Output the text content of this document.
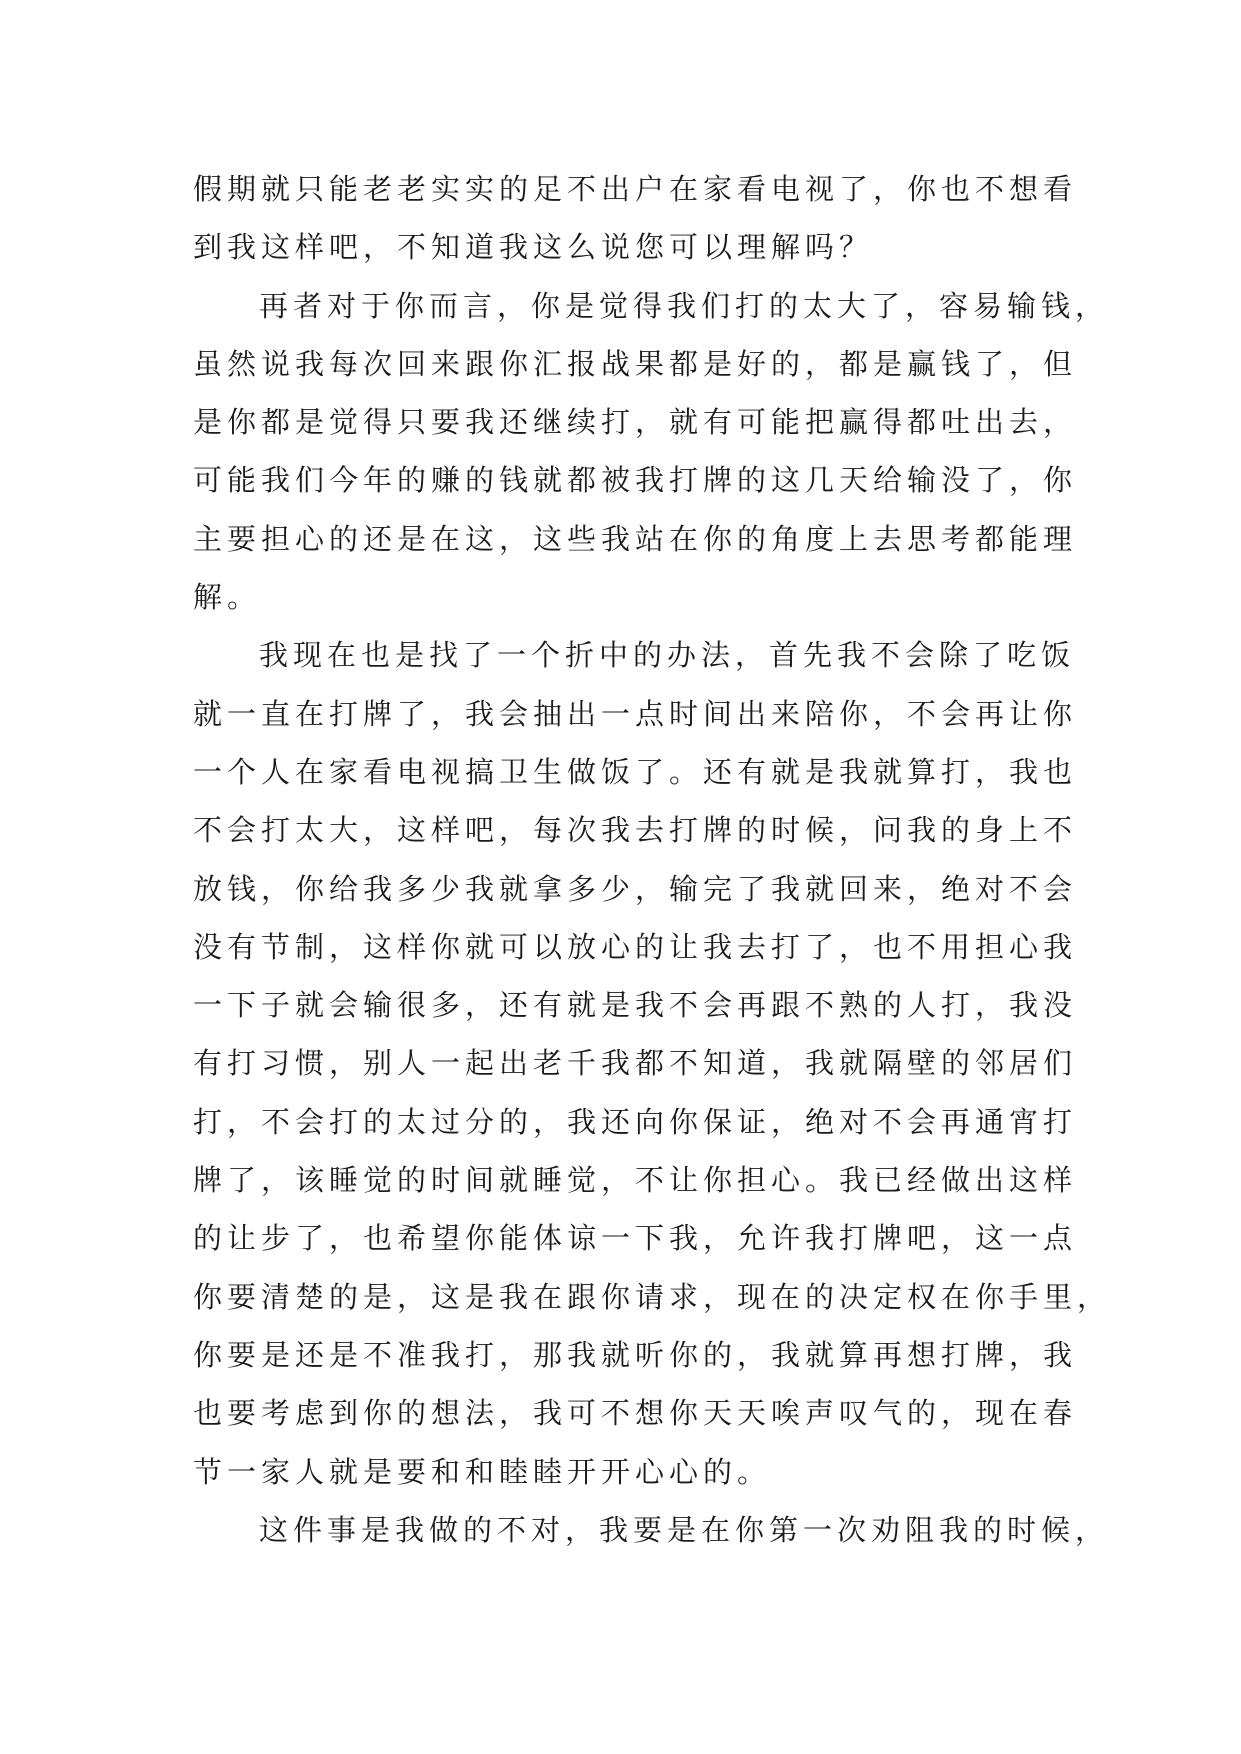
假期就只能老老实实的足不出户在家看电视了，你也不想看
到我这样吧，不知道我这么说您可以理解吗？
再者对于你而言，你是觉得我们打的太大了，容易输钱，
虽然说我每次回来跟你汇报战果都是好的，都是赢钱了，但
是你都是觉得只要我还继续打，就有可能把赢得都吐出去，
可能我们今年的赚的钱就都被我打牌的这几天给输没了，你
主要担心的还是在这，这些我站在你的角度上去思考都能理
解。
我现在也是找了一个折中的办法，首先我不会除了吃饭
就一直在打牌了，我会抽出一点时间出来陪你，不会再让你
一个人在家看电视搞卫生做饭了。还有就是我就算打，我也
不会打太大，这样吧，每次我去打牌的时候，问我的身上不
放钱，你给我多少我就拿多少，输完了我就回来，绝对不会
没有节制，这样你就可以放心的让我去打了，也不用担心我
一下子就会输很多，还有就是我不会再跟不熟的人打，我没
有打习惯，别人一起出老千我都不知道，我就隔壁的邻居们
打，不会打的太过分的，我还向你保证，绝对不会再通宵打
牌了，该睡觉的时间就睡觉，不让你担心。我已经做出这样
的让步了，也希望你能体谅一下我，允许我打牌吧，这一点
你要清楚的是，这是我在跟你请求，现在的决定权在你手里，
你要是还是不准我打，那我就听你的，我就算再想打牌，我
也要考虑到你的想法，我可不想你天天唉声叹气的，现在春
节一家人就是要和和睦睦开开心心的。
这件事是我做的不对，我要是在你第一次劝阻我的时候，
